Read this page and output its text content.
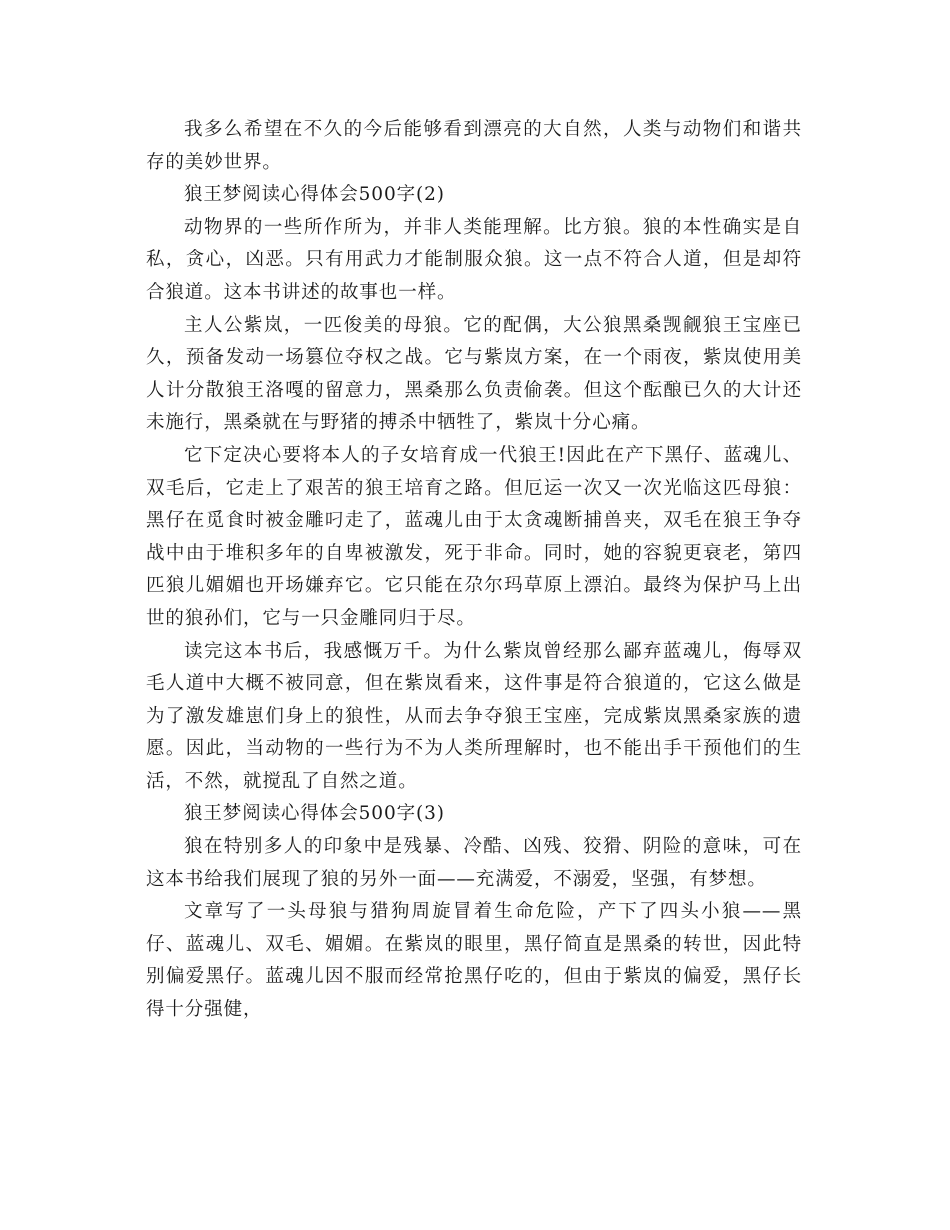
我多么希望在不久的今后能够看到漂亮的大自然，人类与动物们和谐共存的美妙世界。

狼王梦阅读心得体会500字(2)

动物界的一些所作所为，并非人类能理解。比方狼。狼的本性确实是自私，贪心，凶恶。只有用武力才能制服众狼。这一点不符合人道，但是却符合狼道。这本书讲述的故事也一样。

主人公紫岚，一匹俊美的母狼。它的配偶，大公狼黑桑觊觎狼王宝座已久，预备发动一场篡位夺权之战。它与紫岚方案，在一个雨夜，紫岚使用美人计分散狼王洛嘎的留意力，黑桑那么负责偷袭。但这个酝酿已久的大计还未施行，黑桑就在与野猪的搏杀中牺牲了，紫岚十分心痛。

它下定决心要将本人的子女培育成一代狼王!因此在产下黑仔、蓝魂儿、双毛后，它走上了艰苦的狼王培育之路。但厄运一次又一次光临这匹母狼：黑仔在觅食时被金雕叼走了，蓝魂儿由于太贪魂断捕兽夹，双毛在狼王争夺战中由于堆积多年的自卑被激发，死于非命。同时，她的容貌更衰老，第四匹狼儿媚媚也开场嫌弃它。它只能在尕尔玛草原上漂泊。最终为保护马上出世的狼孙们，它与一只金雕同归于尽。

读完这本书后，我感慨万千。为什么紫岚曾经那么鄙弃蓝魂儿，侮辱双毛人道中大概不被同意，但在紫岚看来，这件事是符合狼道的，它这么做是为了激发雄崽们身上的狼性，从而去争夺狼王宝座，完成紫岚黑桑家族的遗愿。因此，当动物的一些行为不为人类所理解时，也不能出手干预他们的生活，不然，就搅乱了自然之道。

狼王梦阅读心得体会500字(3)

狼在特别多人的印象中是残暴、冷酷、凶残、狡猾、阴险的意味，可在这本书给我们展现了狼的另外一面——充满爱，不溺爱，坚强，有梦想。

文章写了一头母狼与猎狗周旋冒着生命危险，产下了四头小狼——黑仔、蓝魂儿、双毛、媚媚。在紫岚的眼里，黑仔简直是黑桑的转世，因此特别偏爱黑仔。蓝魂儿因不服而经常抢黑仔吃的，但由于紫岚的偏爱，黑仔长得十分强健，
